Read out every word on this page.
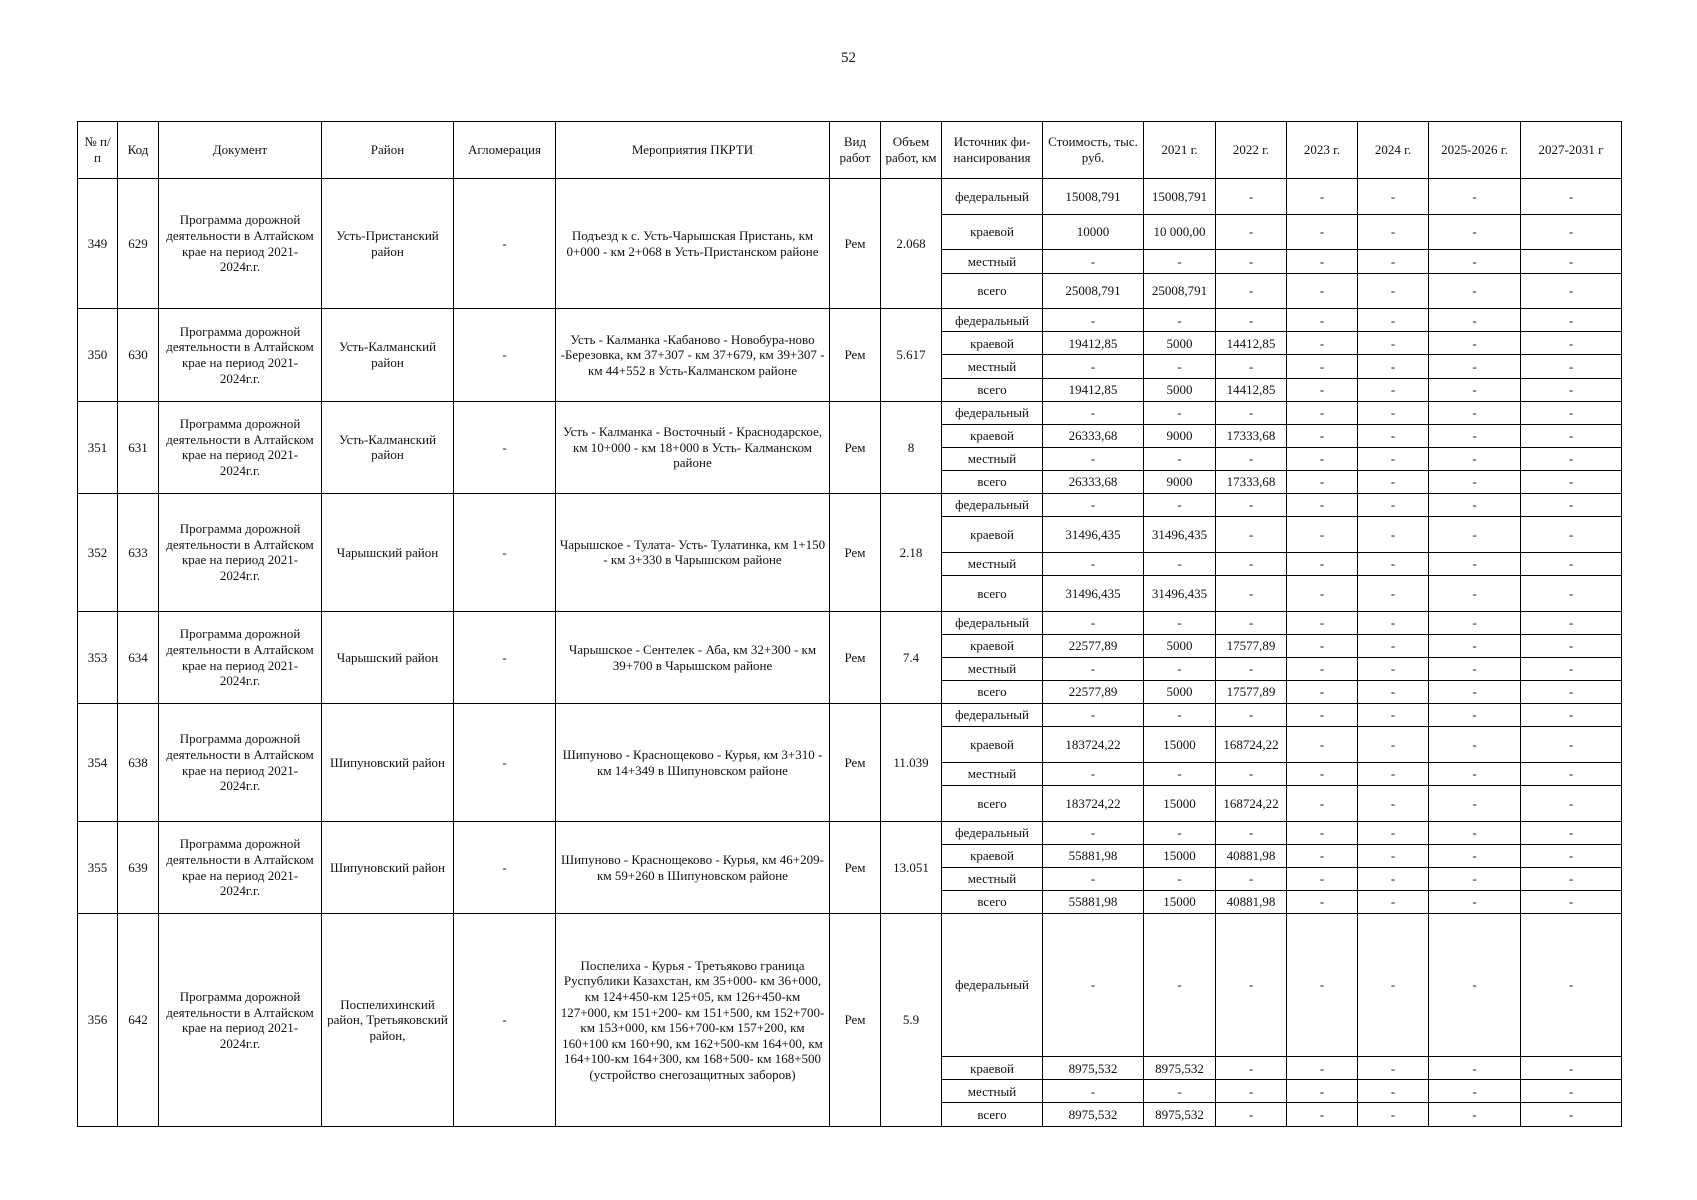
52
№ п/п	Код	Документ	Район	Агломерация	Мероприятия ПКРТИ	Вид работ	Объем работ, км	Источник фи-нансирования	Стоимость, тыс. руб.	2021 г.	2022 г.	2023 г.	2024 г.	2025-2026 г.	2027-2031 г
349	629	Программа дорожной деятельности в Алтайском крае на период 2021-2024г.г.	Усть-Пристанский район	-	Подъезд к с. Усть-Чарышская Пристань, км 0+000 - км 2+068 в Усть-Пристанском районе	Рем	2.068	федеральный	15008,791	15008,791	-	-	-	-	-
								краевой	10000	10 000,00	-	-	-	-	-
								местный	-	-	-	-	-	-	-
								всего	25008,791	25008,791	-	-	-	-	-
350	630	Программа дорожной деятельности в Алтайском крае на период 2021-2024г.г.	Усть-Калманский район	-	Усть - Калманка -Кабаново - Новобура-ново -Березовка, км 37+307 - км 37+679, км 39+307 - км 44+552 в Усть-Калманском районе	Рем	5.617	федеральный	-	-	-	-	-	-	-
								краевой	19412,85	5000	14412,85	-	-	-	-
								местный	-	-	-	-	-	-	-
								всего	19412,85	5000	14412,85	-	-	-	-
351	631	Программа дорожной деятельности в Алтайском крае на период 2021-2024г.г.	Усть-Калманский район	-	Усть - Калманка - Восточный - Краснодарское, км 10+000 - км 18+000 в Усть- Калманском районе	Рем	8	федеральный	-	-	-	-	-	-	-
								краевой	26333,68	9000	17333,68	-	-	-	-
								местный	-	-	-	-	-	-	-
								всего	26333,68	9000	17333,68	-	-	-	-
352	633	Программа дорожной деятельности в Алтайском крае на период 2021-2024г.г.	Чарышский район	-	Чарышское - Тулата- Усть- Тулатинка, км 1+150 - км 3+330 в Чарышском районе	Рем	2.18	федеральный	-	-	-	-	-	-	-
								краевой	31496,435	31496,435	-	-	-	-	-
								местный	-	-	-	-	-	-	-
								всего	31496,435	31496,435	-	-	-	-	-
353	634	Программа дорожной деятельности в Алтайском крае на период 2021-2024г.г.	Чарышский район	-	Чарышское - Сентелек - Аба, км 32+300 - км 39+700 в Чарышском районе	Рем	7.4	федеральный	-	-	-	-	-	-	-
								краевой	22577,89	5000	17577,89	-	-	-	-
								местный	-	-	-	-	-	-	-
								всего	22577,89	5000	17577,89	-	-	-	-
354	638	Программа дорожной деятельности в Алтайском крае на период 2021-2024г.г.	Шипуновский район	-	Шипуново - Краснощеково - Курья, км 3+310 - км 14+349 в Шипуновском районе	Рем	11.039	федеральный	-	-	-	-	-	-	-
								краевой	183724,22	15000	168724,22	-	-	-	-
								местный	-	-	-	-	-	-	-
								всего	183724,22	15000	168724,22	-	-	-	-
355	639	Программа дорожной деятельности в Алтайском крае на период 2021-2024г.г.	Шипуновский район	-	Шипуново - Краснощеково - Курья, км 46+209- км 59+260 в Шипуновском районе	Рем	13.051	федеральный	-	-	-	-	-	-	-
								краевой	55881,98	15000	40881,98	-	-	-	-
								местный	-	-	-	-	-	-	-
								всего	55881,98	15000	40881,98	-	-	-	-
356	642	Программа дорожной деятельности в Алтайском крае на период 2021-2024г.г.	Поспелихинский район, Третьяковский район,	-	Поспелиха - Курья - Третьяково граница Руспублики Казахстан, км 35+000- км 36+000, км 124+450-км 125+05, км 126+450-км 127+000, км 151+200- км 151+500, км 152+700-км 153+000, км 156+700-км 157+200, км 160+100 км 160+90, км 162+500-км 164+00, км 164+100-км 164+300, км 168+500- км 168+500 (устройство снегозащитных заборов)	Рем	5.9	федеральный	-	-	-	-	-	-	-
								краевой	8975,532	8975,532	-	-	-	-	-
								местный	-	-	-	-	-	-	-
								всего	8975,532	8975,532	-	-	-	-	-
